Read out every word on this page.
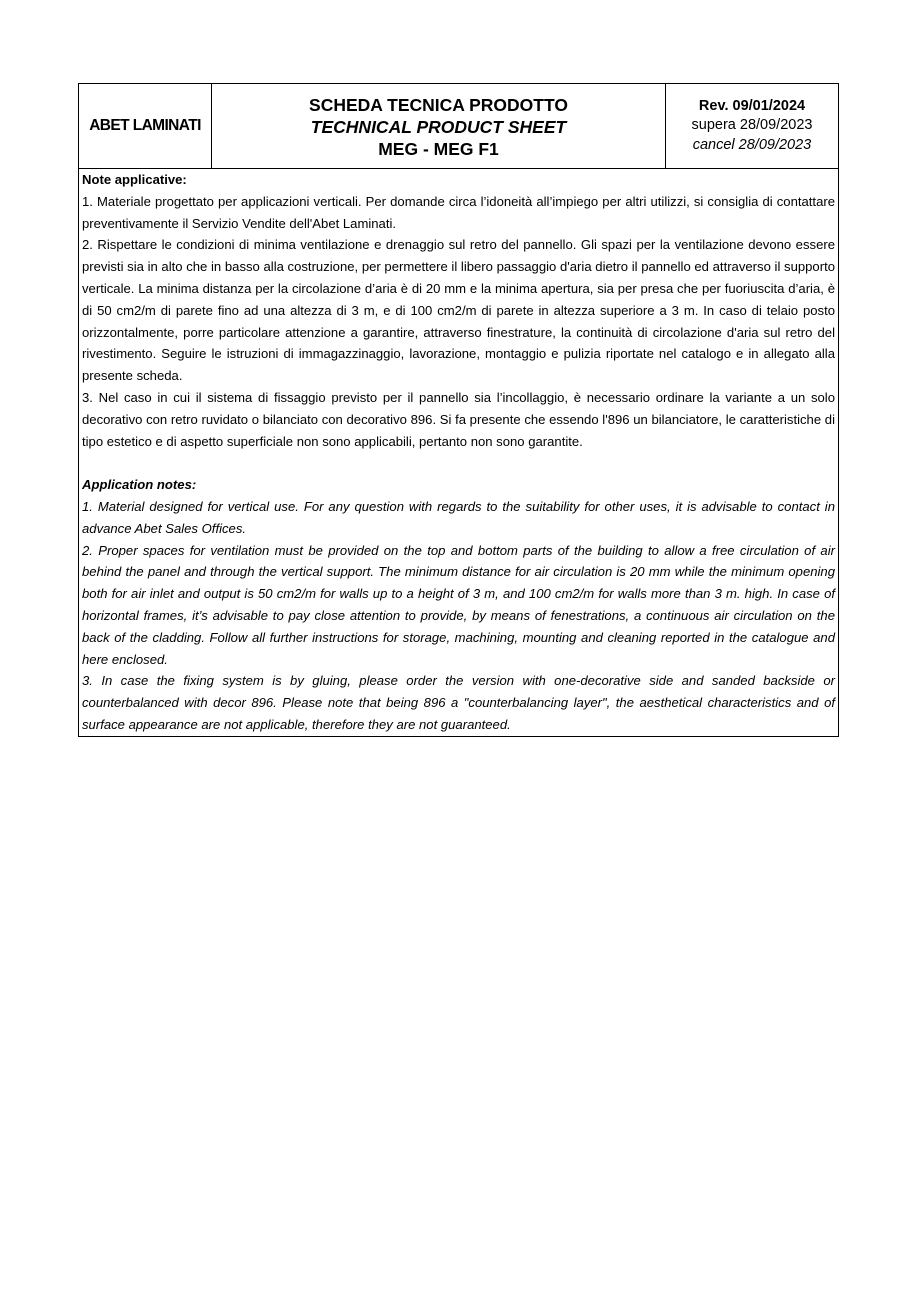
ABET LAMINATI
SCHEDA TECNICA PRODOTTO
TECHNICAL PRODUCT SHEET
MEG - MEG F1
Rev. 09/01/2024
supera 28/09/2023
cancel 28/09/2023

Note applicative:

1. Materiale progettato per applicazioni verticali. Per domande circa l’idoneità all’impiego per altri utilizzi, si consiglia di contattare preventivamente il Servizio Vendite dell'Abet Laminati.

2. Rispettare le condizioni di minima ventilazione e drenaggio sul retro del pannello. Gli spazi per la ventilazione devono essere previsti sia in alto che in basso alla costruzione, per permettere il libero passaggio d'aria dietro il pannello ed attraverso il supporto verticale. La minima distanza per la circolazione d’aria è di 20 mm e la minima apertura, sia per presa che per fuoriuscita d’aria, è di 50 cm2/m di parete fino ad una altezza di 3 m, e di 100 cm2/m di parete in altezza superiore a 3 m. In caso di telaio posto orizzontalmente, porre particolare attenzione a garantire, attraverso finestrature, la continuità di circolazione d'aria sul retro del rivestimento. Seguire le istruzioni di immagazzinaggio, lavorazione, montaggio e pulizia riportate nel catalogo e in allegato alla presente scheda.

3. Nel caso in cui il sistema di fissaggio previsto per il pannello sia l’incollaggio, è necessario ordinare la variante a un solo decorativo con retro ruvidato o bilanciato con decorativo 896. Si fa presente che essendo l'896 un bilanciatore, le caratteristiche di tipo estetico e di aspetto superficiale non sono applicabili, pertanto non sono garantite.

Application notes:

1. Material designed for vertical use. For any question with regards to the suitability for other uses, it is advisable to contact in advance Abet Sales Offices.

2. Proper spaces for ventilation must be provided on the top and bottom parts of the building to allow a free circulation of air behind the panel and through the vertical support. The minimum distance for air circulation is 20 mm while the minimum opening both for air inlet and output is 50 cm2/m for walls up to a height of 3 m, and 100 cm2/m for walls more than 3 m. high. In case of horizontal frames, it’s advisable to pay close attention to provide, by means of fenestrations, a continuous air circulation on the back of the cladding. Follow all further instructions for storage, machining, mounting and cleaning reported in the catalogue and here enclosed.

3. In case the fixing system is by gluing, please order the version with one-decorative side and sanded backside or counterbalanced with decor 896. Please note that being 896 a "counterbalancing layer", the aesthetical characteristics and of surface appearance are not applicable, therefore they are not guaranteed.
